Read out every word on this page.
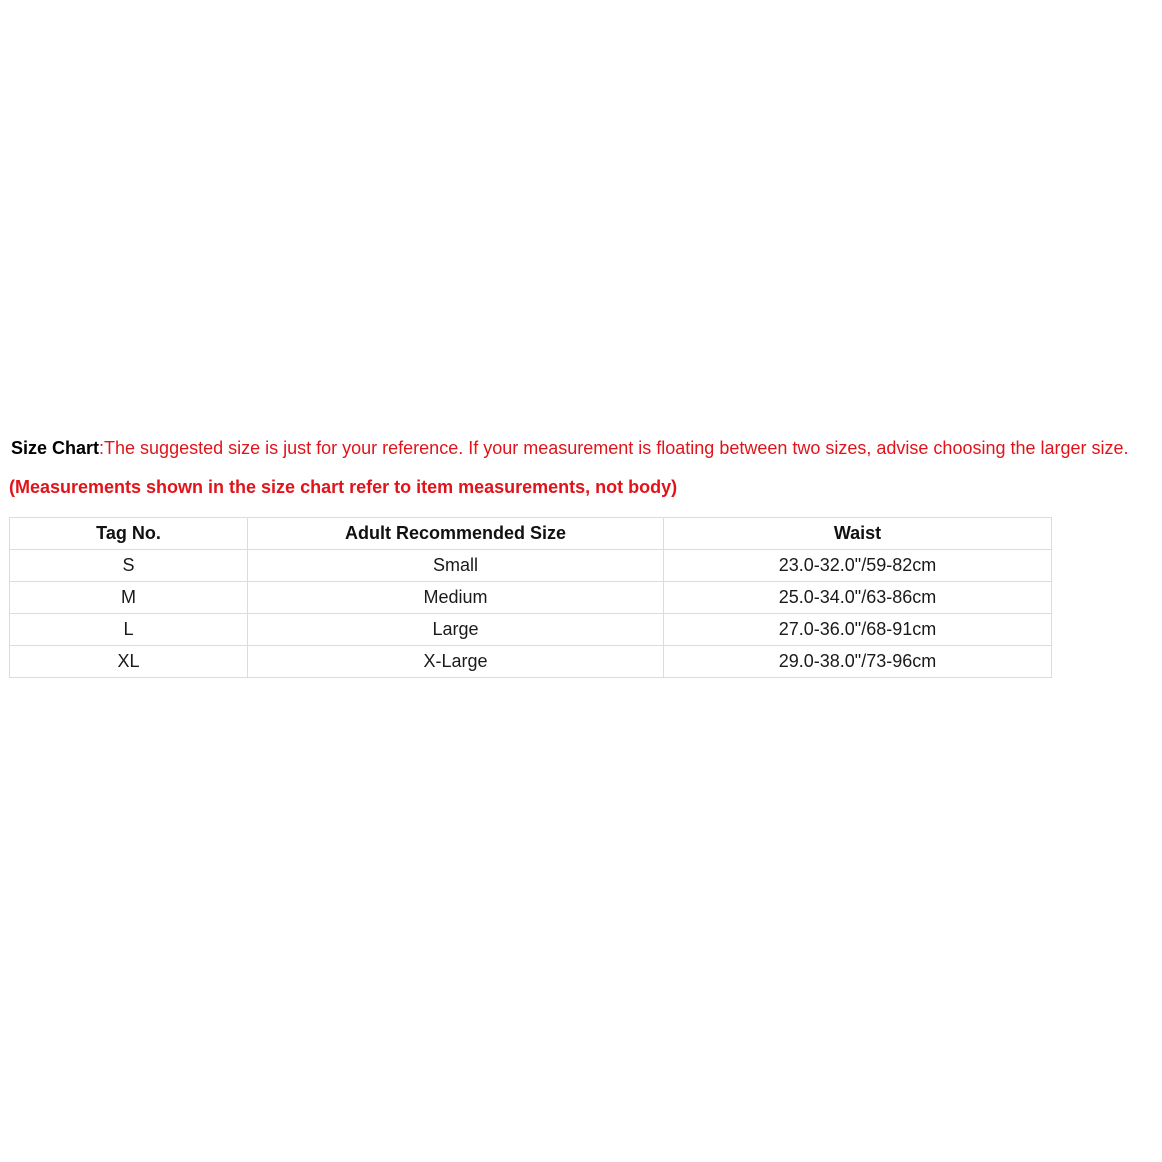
Size Chart:The suggested size is just for your reference. If your measurement is floating between two sizes, advise choosing the larger size.
(Measurements shown in the size chart refer to item measurements, not body)
Tag No.	Adult Recommended Size	Waist
S	Small	23.0-32.0"/59-82cm
M	Medium	25.0-34.0"/63-86cm
L	Large	27.0-36.0"/68-91cm
XL	X-Large	29.0-38.0"/73-96cm
